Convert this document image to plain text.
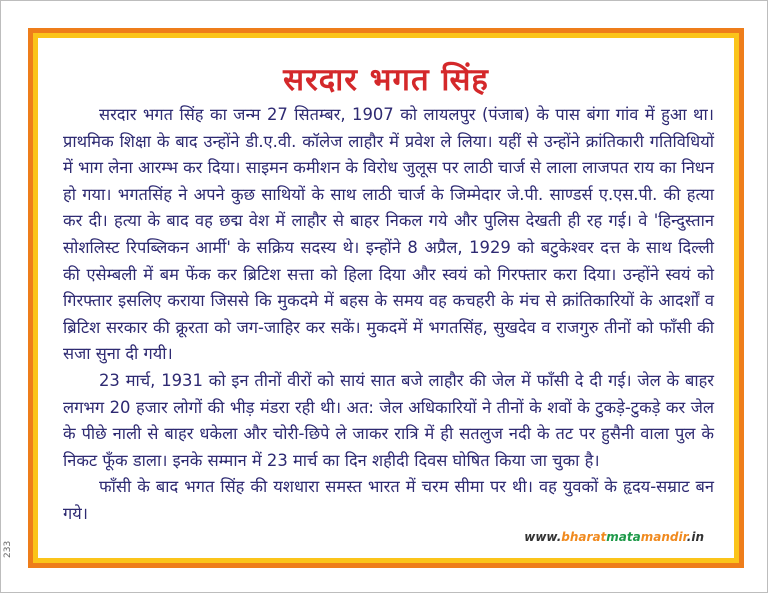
सरदार भगत सिंह

सरदार भगत सिंह का जन्म 27 सितम्बर, 1907 को लायलपुर (पंजाब) के पास बंगा गांव में हुआ था। प्राथमिक शिक्षा के बाद उन्होंने डी.ए.वी. कॉलेज लाहौर में प्रवेश ले लिया। यहीं से उन्होंने क्रांतिकारी गतिविधियों में भाग लेना आरम्भ कर दिया। साइमन कमीशन के विरोध जुलूस पर लाठी चार्ज से लाला लाजपत राय का निधन हो गया। भगतसिंह ने अपने कुछ साथियों के साथ लाठी चार्ज के जिम्मेदार जे.पी. साण्डर्स ए.एस.पी. की हत्या कर दी। हत्या के बाद वह छद्म वेश में लाहौर से बाहर निकल गये और पुलिस देखती ही रह गई। वे 'हिन्दुस्तान सोशलिस्ट रिपब्लिकन आर्मी' के सक्रिय सदस्य थे। इन्होंने 8 अप्रैल, 1929 को बटुकेश्वर दत्त के साथ दिल्ली की एसेम्बली में बम फेंक कर ब्रिटिश सत्ता को हिला दिया और स्वयं को गिरफ्तार करा दिया। उन्होंने स्वयं को गिरफ्तार इसलिए कराया जिससे कि मुकदमे में बहस के समय वह कचहरी के मंच से क्रांतिकारियों के आदर्शों व ब्रिटिश सरकार की क्रूरता को जग-जाहिर कर सकें। मुकदमें में भगतसिंह, सुखदेव व राजगुरु तीनों को फाँसी की सजा सुना दी गयी।

23 मार्च, 1931 को इन तीनों वीरों को सायं सात बजे लाहौर की जेल में फाँसी दे दी गई। जेल के बाहर लगभग 20 हजार लोगों की भीड़ मंडरा रही थी। अत: जेल अधिकारियों ने तीनों के शवों के टुकड़े-टुकड़े कर जेल के पीछे नाली से बाहर धकेला और चोरी-छिपे ले जाकर रात्रि में ही सतलुज नदी के तट पर हुसैनी वाला पुल के निकट फूँक डाला। इनके सम्मान में 23 मार्च का दिन शहीदी दिवस घोषित किया जा चुका है।

फाँसी के बाद भगत सिंह की यशधारा समस्त भारत में चरम सीमा पर थी। वह युवकों के हृदय-सम्राट बन गये।

www.bharatmatamandir.in
233
